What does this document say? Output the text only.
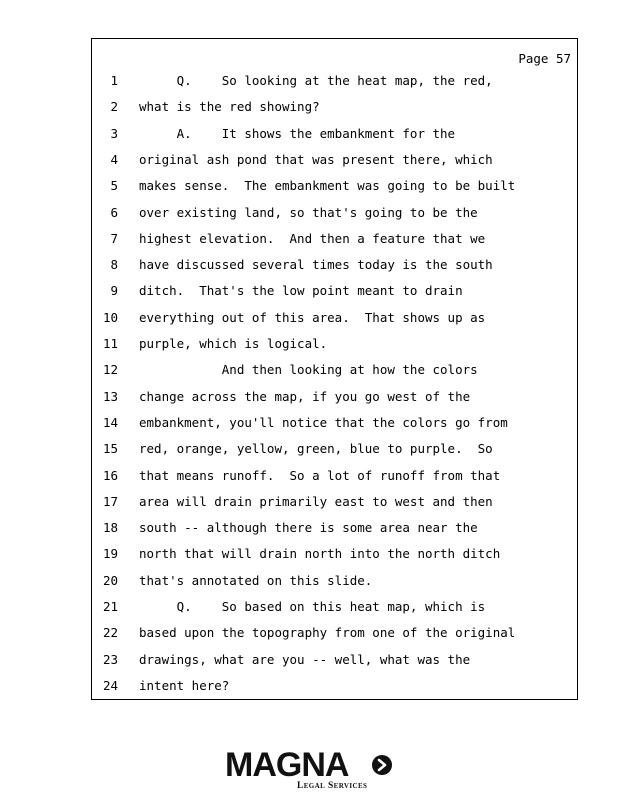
Page 57
1 Q.    So looking at the heat map, the red,
2 what is the red showing?
3 A.    It shows the embankment for the
4 original ash pond that was present there, which
5 makes sense.  The embankment was going to be built
6 over existing land, so that's going to be the
7 highest elevation.  And then a feature that we
8 have discussed several times today is the south
9 ditch.  That's the low point meant to drain
10 everything out of this area.  That shows up as
11 purple, which is logical.
12 And then looking at how the colors
13 change across the map, if you go west of the
14 embankment, you'll notice that the colors go from
15 red, orange, yellow, green, blue to purple.  So
16 that means runoff.  So a lot of runoff from that
17 area will drain primarily east to west and then
18 south -- although there is some area near the
19 north that will drain north into the north ditch
20 that's annotated on this slide.
21 Q.    So based on this heat map, which is
22 based upon the topography from one of the original
23 drawings, what are you -- well, what was the
24 intent here?
MAGNA
Legal Services
